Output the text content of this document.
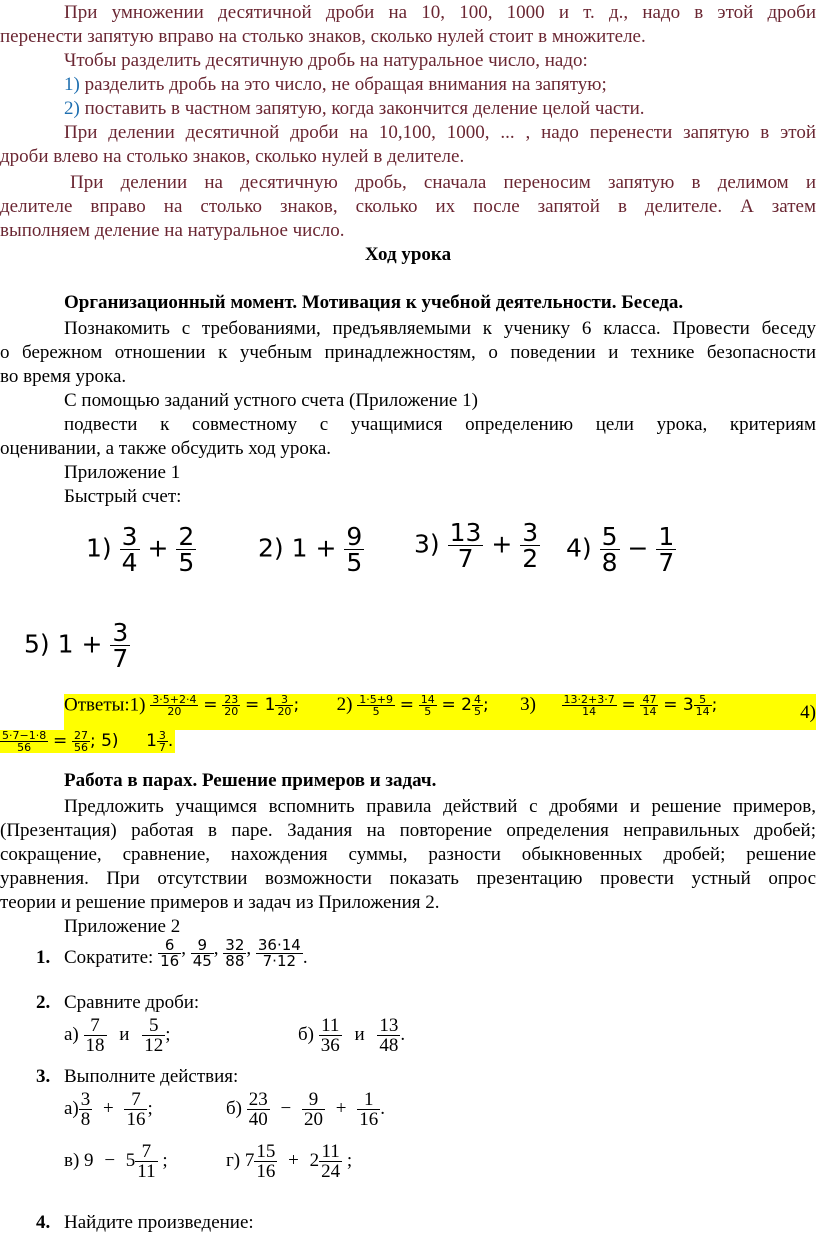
При умножении десятичной дроби на 10, 100, 1000 и т. д., надо в этой дроби
перенести запятую вправо на столько знаков, сколько нулей стоит в множителе.
Чтобы разделить десятичную дробь на натуральное число, надо:
1) разделить дробь на это число, не обращая внимания на запятую;
2) поставить в частном запятую, когда закончится деление целой части.
При делении десятичной дроби на 10,100, 1000, ... , надо перенести запятую в этой
дроби влево на столько знаков, сколько нулей в делителе.
При делении на десятичную дробь, сначала переносим запятую в делимом и
делителе вправо на столько знаков, сколько их после запятой в делителе. А затем
выполняем деление на натуральное число.
Ход урока
Организационный момент. Мотивация к учебной деятельности. Беседа.
Познакомить с требованиями, предъявляемыми к ученику 6 класса. Провести беседу
о бережном отношении к учебным принадлежностям, о поведении и технике безопасности
во время урока.
С помощью заданий устного счета (Приложение 1)
подвести к совместному с учащимися определению цели урока, критериям
оценивании, а также обсудить ход урока.
Приложение 1
Быстрый счет:
$1) \frac{3}{4} + \frac{2}{5} 2$) $1 + \frac{9}{5} 3) \frac{13}{7} + \frac{3}{2} 4) \frac{5}{8} - \frac{1}{7}$
5) $1 + \frac{3}{7}$
Ответы:1) $\frac{3\cdot 5+2\cdot 4}{20} = \frac{23}{20} = 1 \frac{3}{20}$ ; $2) \frac{1\cdot 5+9}{5} = \frac{14}{5} = 2 \frac{4}{5}$ ; $3) \frac{13\cdot 2+3\cdot 7}{14} = \frac{47}{14} = 3 \frac{5}{14}$ ;	4)
$\frac{5\cdot 7-1\cdot 8}{56} = \frac{27}{56}$ ; 5) $1 \frac{3}{7}$ .
Работа в парах. Решение примеров и задач.
Предложить учащимся вспомнить правила действий с дробями и решение примеров,
(Презентация) работая в паре. Задания на повторение определения неправильных дробей;
сокращение, сравнение, нахождения суммы, разности обыкновенных дробей; решение
уравнения. При отсутствии возможности показать презентацию провести устный опрос
теории и решение примеров и задач из Приложения 2.
Приложение 2
1. Сократите: $\frac{6}{16}$ , $\frac{9}{45}$ , $\frac{32}{88}$ , $\frac{36\cdot 14}{7\cdot 12}$ .
2. Сравните дроби:
$а) \frac{7}{18}$ и $\frac{5}{12}$ ;	$б) \frac{11}{36}$ и $\frac{13}{48}$ .
3. Выполните действия:
$а) \frac{3}{8} + \frac{7}{16}$ ;	$б) \frac{23}{40} - \frac{9}{20} + \frac{1}{16}$ .
в) $9 - 5 \frac{7}{11}$ ;	г) $7 \frac{15}{16} + 2 \frac{11}{24}$ ;
4. Найдите произведение:
